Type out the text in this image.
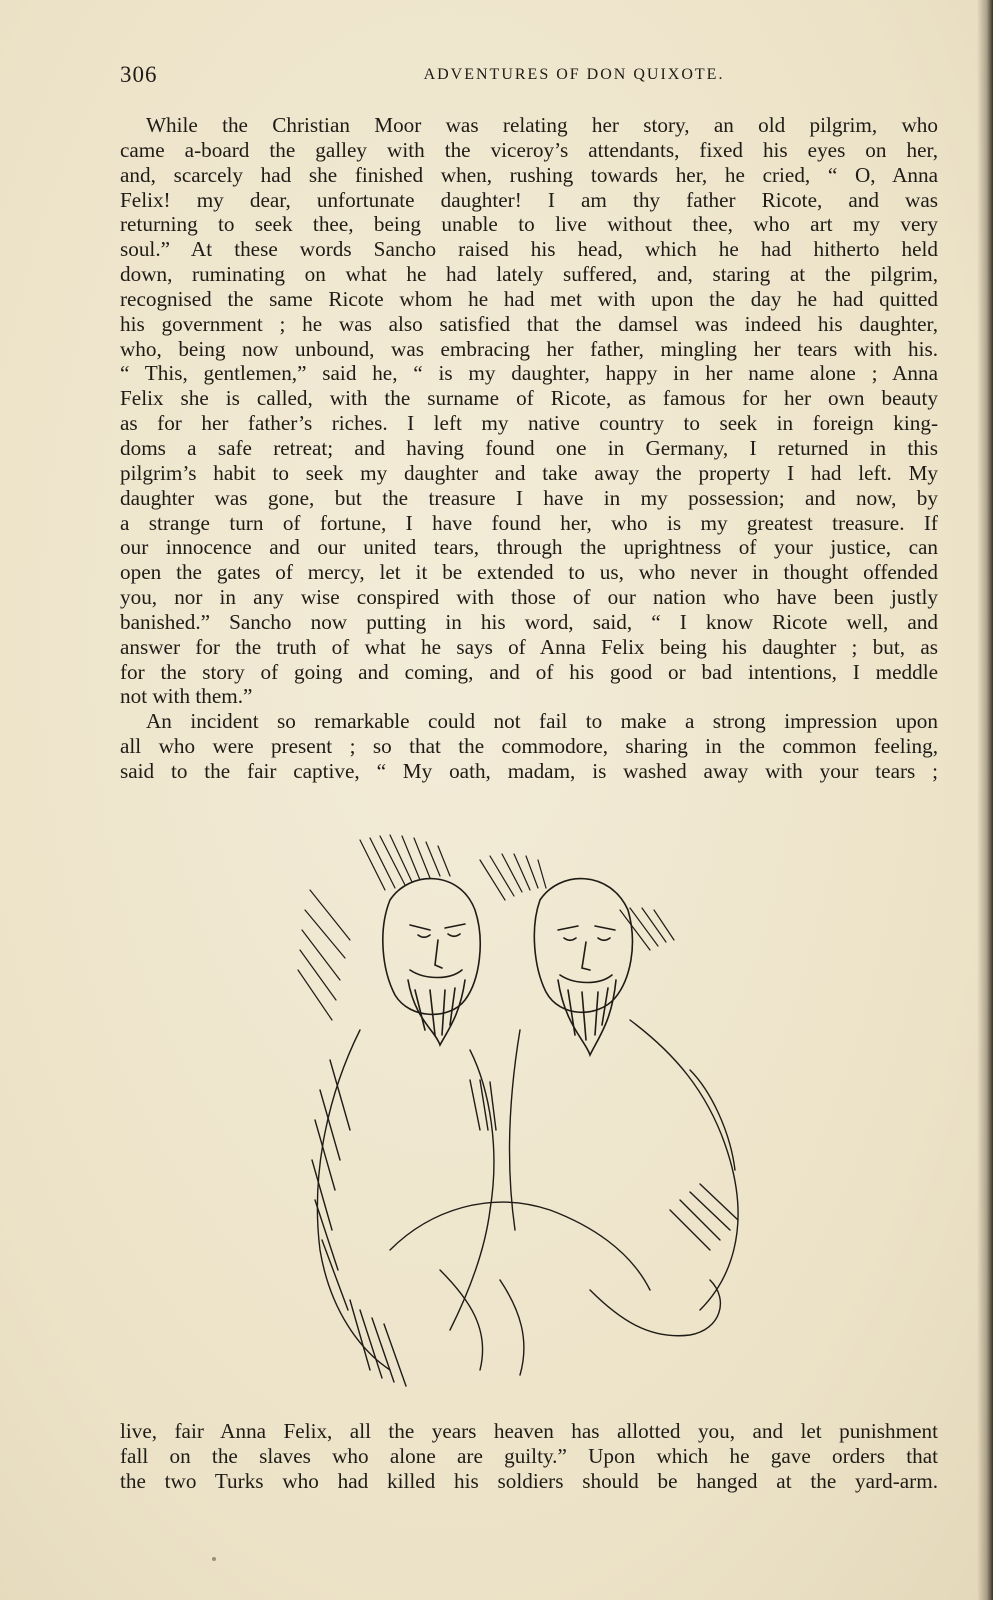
306	ADVENTURES OF DON QUIXOTE.
While the Christian Moor was relating her story, an old pilgrim, who
came a-board the galley with the viceroy’s attendants, fixed his eyes on her,
and, scarcely had she finished when, rushing towards her, he cried, “ O, Anna
Felix! my dear, unfortunate daughter! I am thy father Ricote, and was
returning to seek thee, being unable to live without thee, who art my very
soul.” At these words Sancho raised his head, which he had hitherto held
down, ruminating on what he had lately suffered, and, staring at the pilgrim,
recognised the same Ricote whom he had met with upon the day he had quitted
his government ; he was also satisfied that the damsel was indeed his daughter,
who, being now unbound, was embracing her father, mingling her tears with his.
“ This, gentlemen,” said he, “ is my daughter, happy in her name alone ; Anna
Felix she is called, with the surname of Ricote, as famous for her own beauty
as for her father’s riches. I left my native country to seek in foreign king-
doms a safe retreat; and having found one in Germany, I returned in this
pilgrim’s habit to seek my daughter and take away the property I had left. My
daughter was gone, but the treasure I have in my possession; and now, by
a strange turn of fortune, I have found her, who is my greatest treasure. If
our innocence and our united tears, through the uprightness of your justice, can
open the gates of mercy, let it be extended to us, who never in thought offended
you, nor in any wise conspired with those of our nation who have been justly
banished.” Sancho now putting in his word, said, “ I know Ricote well, and
answer for the truth of what he says of Anna Felix being his daughter ; but, as
for the story of going and coming, and of his good or bad intentions, I meddle
not with them.”
An incident so remarkable could not fail to make a strong impression upon
all who were present ; so that the commodore, sharing in the common feeling,
said to the fair captive, “ My oath, madam, is washed away with your tears ;
live, fair Anna Felix, all the years heaven has allotted you, and let punishment
fall on the slaves who alone are guilty.” Upon which he gave orders that
the two Turks who had killed his soldiers should be hanged at the yard-arm.
